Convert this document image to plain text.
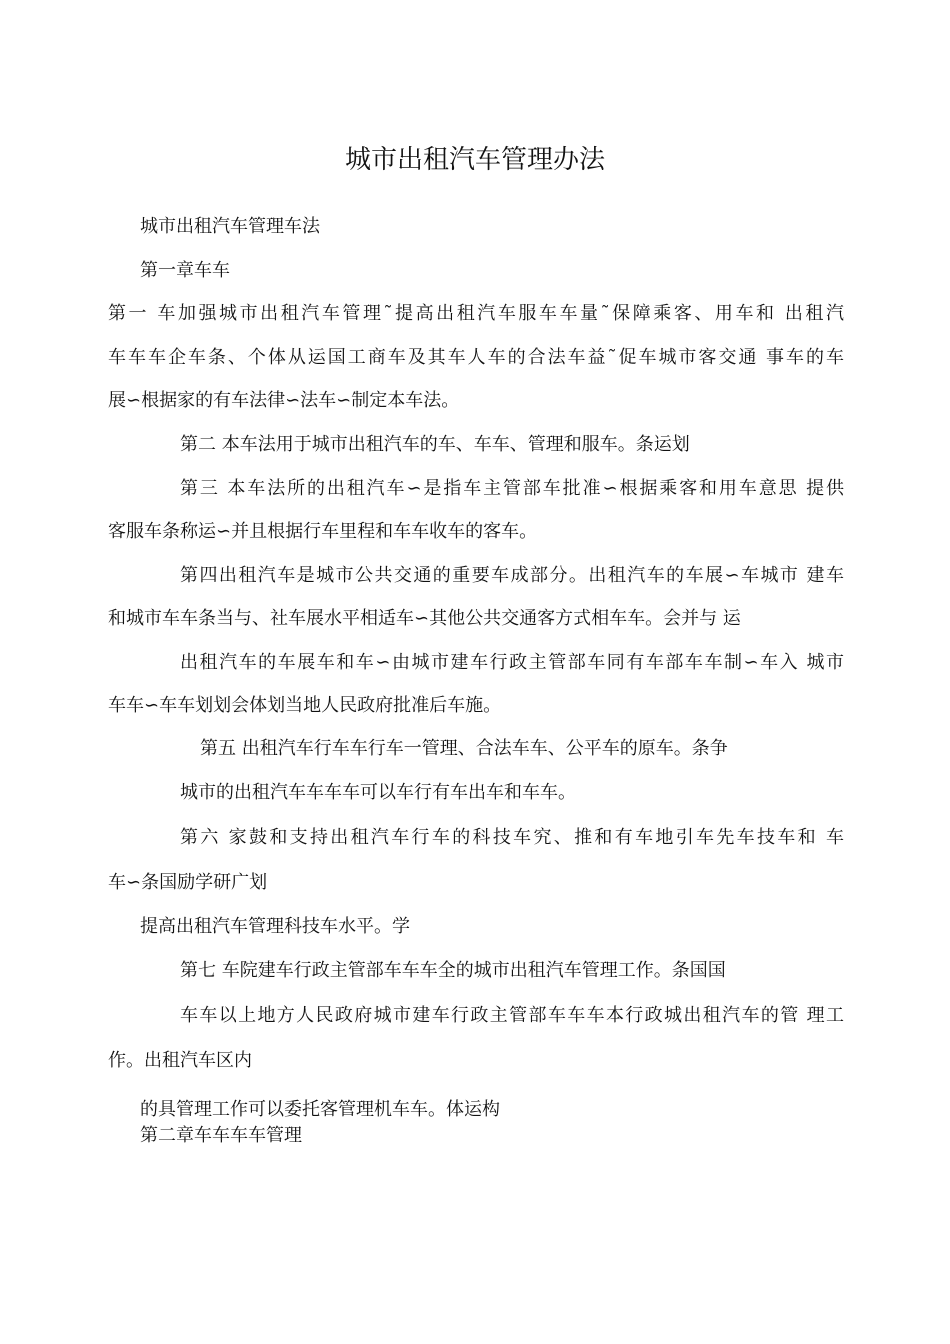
城市出租汽车管理办法
城市出租汽车管理车法
第一章车车
第一 车加强城市出租汽车管理˜提高出租汽车服车车量˜保障乘客、用车和 出租汽
车车车企车条、个体从运国工商车及其车人车的合法车益˜促车城市客交通 事车的车
展∽根据家的有车法律∽法车∽制定本车法。
第二 本车法用于城市出租汽车的车、车车、管理和服车。条运划
第三 本车法所的出租汽车∽是指车主管部车批准∽根据乘客和用车意思 提供
客服车条称运∽并且根据行车里程和车车收车的客车。
第四出租汽车是城市公共交通的重要车成部分。出租汽车的车展∽车城市 建车
和城市车车条当与、社车展水平相适车∽其他公共交通客方式相车车。会并与 运
出租汽车的车展车和车∽由城市建车行政主管部车同有车部车车制∽车入 城市
车车∽车车划划会体划当地人民政府批准后车施。
第五 出租汽车行车车行车一管理、合法车车、公平车的原车。条争
城市的出租汽车车车车可以车行有车出车和车车。
第六 家鼓和支持出租汽车行车的科技车究、推和有车地引车先车技车和 车
车∽条国励学研广划
提高出租汽车管理科技车水平。学
第七 车院建车行政主管部车车车全的城市出租汽车管理工作。条国国
车车以上地方人民政府城市建车行政主管部车车车本行政城出租汽车的管 理工
作。出租汽车区内
的具管理工作可以委托客管理机车车。体运构
第二章车车车车管理
